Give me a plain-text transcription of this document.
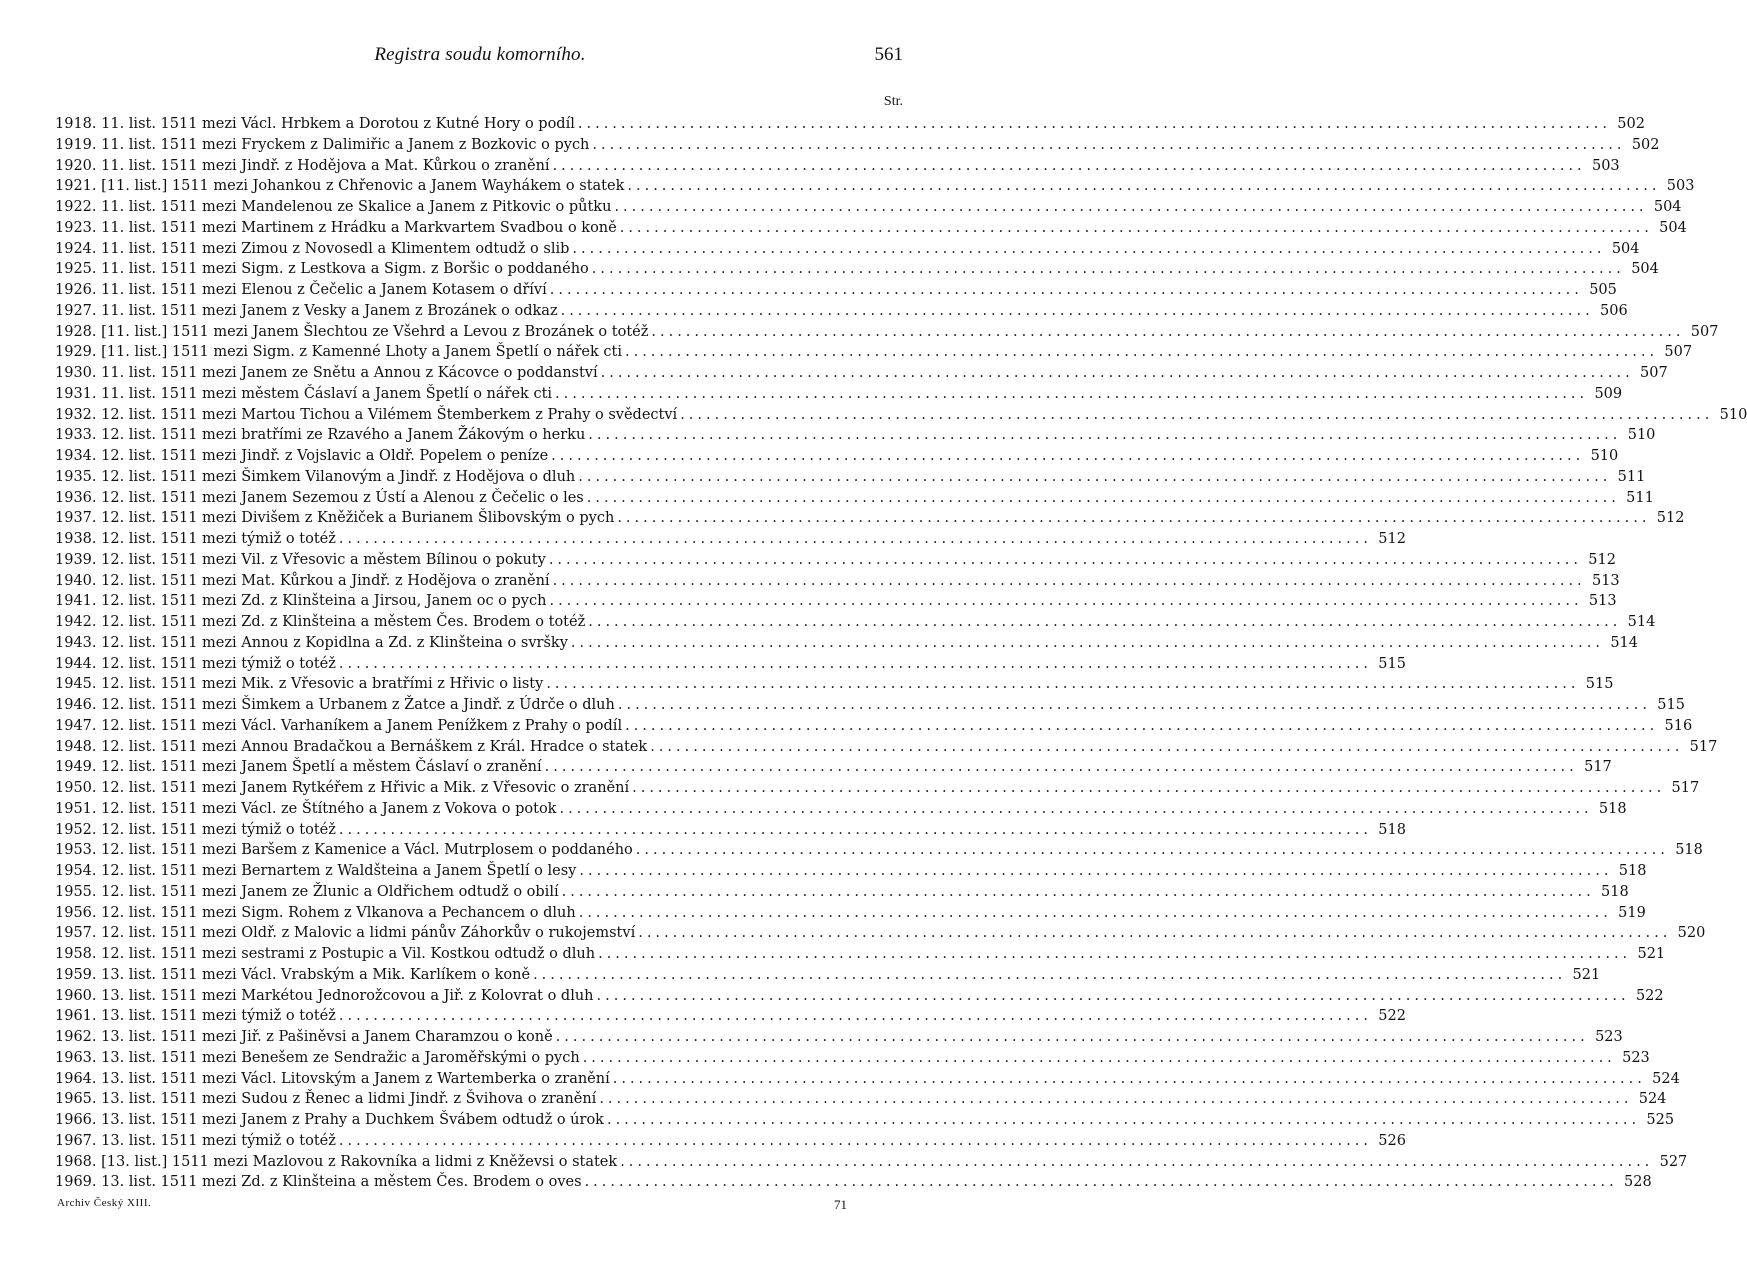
Registra soudu komorního.	561
Str.
1918. 11. list. 1511 mezi Václ. Hrbkem a Dorotou z Kutné Hory o podíl ........................................................................................................................ 502
1919. 11. list. 1511 mezi Fryckem z Dalimiřic a Janem z Bozkovic o pych ........................................................................................................................ 502
1920. 11. list. 1511 mezi Jindř. z Hodějova a Mat. Kůrkou o zranění ........................................................................................................................ 503
1921. [11. list.] 1511 mezi Johankou z Chřenovic a Janem Wayhákem o statek ........................................................................................................................ 503
1922. 11. list. 1511 mezi Mandelenou ze Skalice a Janem z Pitkovic o půtku ........................................................................................................................ 504
1923. 11. list. 1511 mezi Martinem z Hrádku a Markvartem Svadbou o koně ........................................................................................................................ 504
1924. 11. list. 1511 mezi Zimou z Novosedl a Klimentem odtudž o slib ........................................................................................................................ 504
1925. 11. list. 1511 mezi Sigm. z Lestkova a Sigm. z Boršic o poddaného ........................................................................................................................ 504
1926. 11. list. 1511 mezi Elenou z Čečelic a Janem Kotasem o dříví ........................................................................................................................ 505
1927. 11. list. 1511 mezi Janem z Vesky a Janem z Brozánek o odkaz ........................................................................................................................ 506
1928. [11. list.] 1511 mezi Janem Šlechtou ze Všehrd a Levou z Brozánek o totéž ........................................................................................................................ 507
1929. [11. list.] 1511 mezi Sigm. z Kamenné Lhoty a Janem Špetlí o nářek cti ........................................................................................................................ 507
1930. 11. list. 1511 mezi Janem ze Snětu a Annou z Kácovce o poddanství ........................................................................................................................ 507
1931. 11. list. 1511 mezi městem Čáslaví a Janem Špetlí o nářek cti ........................................................................................................................ 509
1932. 12. list. 1511 mezi Martou Tichou a Vilémem Štemberkem z Prahy o svědectví ........................................................................................................................ 510
1933. 12. list. 1511 mezi bratřími ze Rzavého a Janem Žákovým o herku ........................................................................................................................ 510
1934. 12. list. 1511 mezi Jindř. z Vojslavic a Oldř. Popelem o peníze ........................................................................................................................ 510
1935. 12. list. 1511 mezi Šimkem Vilanovým a Jindř. z Hodějova o dluh ........................................................................................................................ 511
1936. 12. list. 1511 mezi Janem Sezemou z Ústí a Alenou z Čečelic o les ........................................................................................................................ 511
1937. 12. list. 1511 mezi Divišem z Kněžiček a Burianem Šlibovským o pych ........................................................................................................................ 512
1938. 12. list. 1511 mezi týmiž o totéž ........................................................................................................................ 512
1939. 12. list. 1511 mezi Vil. z Vřesovic a městem Bílinou o pokuty ........................................................................................................................ 512
1940. 12. list. 1511 mezi Mat. Kůrkou a Jindř. z Hodějova o zranění ........................................................................................................................ 513
1941. 12. list. 1511 mezi Zd. z Klinšteina a Jirsou, Janem oc o pych ........................................................................................................................ 513
1942. 12. list. 1511 mezi Zd. z Klinšteina a městem Čes. Brodem o totéž ........................................................................................................................ 514
1943. 12. list. 1511 mezi Annou z Kopidlna a Zd. z Klinšteina o svršky ........................................................................................................................ 514
1944. 12. list. 1511 mezi týmiž o totéž ........................................................................................................................ 515
1945. 12. list. 1511 mezi Mik. z Vřesovic a bratřími z Hřivic o listy ........................................................................................................................ 515
1946. 12. list. 1511 mezi Šimkem a Urbanem z Žatce a Jindř. z Údrče o dluh ........................................................................................................................ 515
1947. 12. list. 1511 mezi Václ. Varhaníkem a Janem Penížkem z Prahy o podíl ........................................................................................................................ 516
1948. 12. list. 1511 mezi Annou Bradačkou a Bernáškem z Král. Hradce o statek ........................................................................................................................ 517
1949. 12. list. 1511 mezi Janem Špetlí a městem Čáslaví o zranění ........................................................................................................................ 517
1950. 12. list. 1511 mezi Janem Rytkéřem z Hřivic a Mik. z Vřesovic o zranění ........................................................................................................................ 517
1951. 12. list. 1511 mezi Václ. ze Štítného a Janem z Vokova o potok ........................................................................................................................ 518
1952. 12. list. 1511 mezi týmiž o totéž ........................................................................................................................ 518
1953. 12. list. 1511 mezi Baršem z Kamenice a Václ. Mutrplosem o poddaného ........................................................................................................................ 518
1954. 12. list. 1511 mezi Bernartem z Waldšteina a Janem Špetlí o lesy ........................................................................................................................ 518
1955. 12. list. 1511 mezi Janem ze Žlunic a Oldřichem odtudž o obilí ........................................................................................................................ 518
1956. 12. list. 1511 mezi Sigm. Rohem z Vlkanova a Pechancem o dluh ........................................................................................................................ 519
1957. 12. list. 1511 mezi Oldř. z Malovic a lidmi pánův Záhorkův o rukojemství ........................................................................................................................ 520
1958. 12. list. 1511 mezi sestrami z Postupic a Vil. Kostkou odtudž o dluh ........................................................................................................................ 521
1959. 13. list. 1511 mezi Václ. Vrabským a Mik. Karlíkem o koně ........................................................................................................................ 521
1960. 13. list. 1511 mezi Markétou Jednorožcovou a Jiř. z Kolovrat o dluh ........................................................................................................................ 522
1961. 13. list. 1511 mezi týmiž o totéž ........................................................................................................................ 522
1962. 13. list. 1511 mezi Jiř. z Pašiněvsi a Janem Charamzou o koně ........................................................................................................................ 523
1963. 13. list. 1511 mezi Benešem ze Sendražic a Jaroměřskými o pych ........................................................................................................................ 523
1964. 13. list. 1511 mezi Václ. Litovským a Janem z Wartemberka o zranění ........................................................................................................................ 524
1965. 13. list. 1511 mezi Sudou z Řenec a lidmi Jindř. z Švihova o zranění ........................................................................................................................ 524
1966. 13. list. 1511 mezi Janem z Prahy a Duchkem Švábem odtudž o úrok ........................................................................................................................ 525
1967. 13. list. 1511 mezi týmiž o totéž ........................................................................................................................ 526
1968. [13. list.] 1511 mezi Mazlovou z Rakovníka a lidmi z Kněževsi o statek ........................................................................................................................ 527
1969. 13. list. 1511 mezi Zd. z Klinšteina a městem Čes. Brodem o oves ........................................................................................................................ 528
Archiv Český XIII.	71
